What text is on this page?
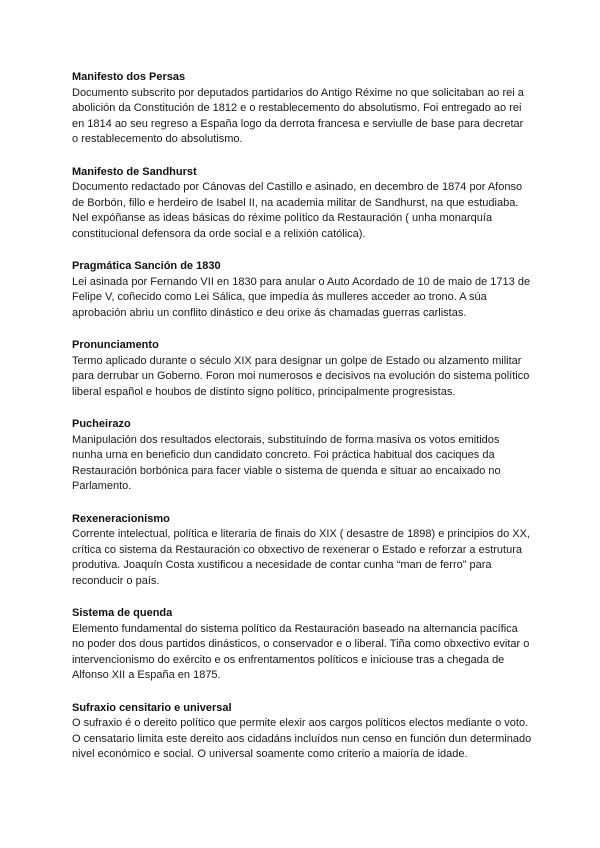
Manifesto dos Persas

Documento subscrito por deputados partidarios do Antigo Réxime no que solicitaban ao rei a abolición da Constitución de 1812 e o restablecemento do absolutismo. Foi entregado ao rei en 1814 ao seu regreso a España logo da derrota francesa e serviulle de base para decretar o restablecemento do absolutismo.

Manifesto de Sandhurst

Documento redactado por Cánovas del Castillo e asinado, en decembro de 1874 por Afonso de Borbón, fillo e herdeiro de Isabel II, na academia militar de Sandhurst, na que estudiaba. Nel expóñanse as ideas básicas do réxime político da Restauración ( unha monarquía constitucional defensora da orde social e a relixión católica).

Pragmática Sanción de 1830

Lei asinada por Fernando VII en 1830 para anular o Auto Acordado de 10 de maio de 1713 de Felipe V, coñecido como Lei Sálica, que impedía ás mulleres acceder ao trono. A súa aprobación abriu un conflito dinástico e deu orixe ás chamadas guerras carlistas.

Pronunciamento

Termo aplicado durante o século XIX para designar un golpe de Estado ou alzamento militar para derrubar un Goberno. Foron moi numerosos e decisivos na evolución do sistema político liberal español e houbos de distinto signo político, principalmente progresistas.

Pucheirazo

Manipulación dos resultados electorais, substituíndo de forma masiva os votos emitidos nunha urna en beneficio dun candidato concreto. Foi práctica habitual dos caciques da Restauración borbónica para facer viable o sistema de quenda e situar ao encaixado no Parlamento.

Rexeneracionismo

Corrente intelectual, política e literaria de finais do XIX ( desastre de 1898) e principios do XX, crítica co sistema da Restauración co obxectivo de rexenerar o Estado e reforzar a estrutura produtiva. Joaquín Costa xustificou a necesidade de contar cunha “man de ferro” para reconducir o país.

Sistema de quenda

Elemento fundamental do sistema político da Restauración baseado na alternancia pacífica no poder dos dous partidos dinásticos, o conservador e o liberal. Tiña como obxectivo evitar o intervencionismo do exército e os enfrentamentos políticos e iniciouse tras a chegada de Alfonso XII a España en 1875.

Sufraxio censitario e universal

O sufraxio é o dereito político que permite elexir aos cargos políticos electos mediante o voto. O censatario limita este dereito aos cidadáns incluídos nun censo en función dun determinado nivel económico e social. O universal soamente como criterio a maioría de idade.
